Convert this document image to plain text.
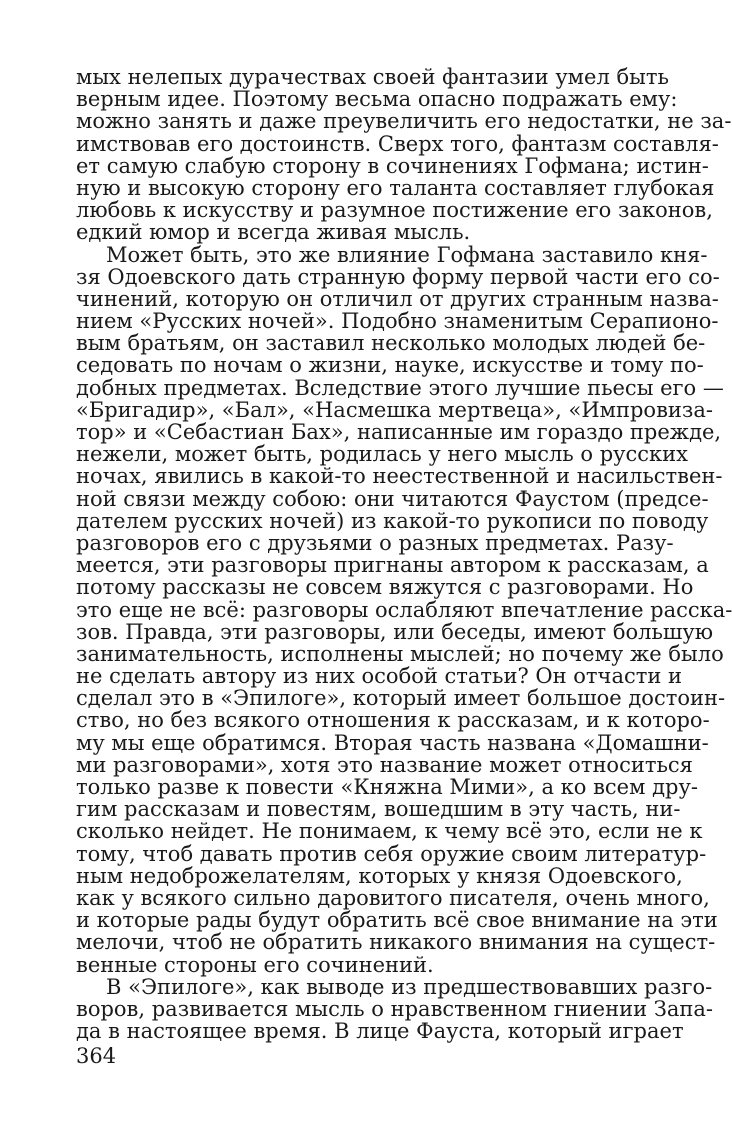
мых нелепых дурачествах своей фантазии умел быть
верным идее. Поэтому весьма опасно подражать ему:
можно занять и даже преувеличить его недостатки, не за-
имствовав его достоинств. Сверх того, фантазм составля-
ет самую слабую сторону в сочинениях Гофмана; истин-
ную и высокую сторону его таланта составляет глубокая
любовь к искусству и разумное постижение его законов,
едкий юмор и всегда живая мысль.
Может быть, это же влияние Гофмана заставило кня-
зя Одоевского дать странную форму первой части его со-
чинений, которую он отличил от других странным назва-
нием «Русских ночей». Подобно знаменитым Серапионо-
вым братьям, он заставил несколько молодых людей бе-
седовать по ночам о жизни, науке, искусстве и тому по-
добных предметах. Вследствие этого лучшие пьесы его —
«Бригадир», «Бал», «Насмешка мертвеца», «Импровиза-
тор» и «Себастиан Бах», написанные им гораздо прежде,
нежели, может быть, родилась у него мысль о русских
ночах, явились в какой-то неестественной и насильствен-
ной связи между собою: они читаются Фаустом (предсе-
дателем русских ночей) из какой-то рукописи по поводу
разговоров его с друзьями о разных предметах. Разу-
меется, эти разговоры пригнаны автором к рассказам, а
потому рассказы не совсем вяжутся с разговорами. Но
это еще не всё: разговоры ослабляют впечатление расска-
зов. Правда, эти разговоры, или беседы, имеют большую
занимательность, исполнены мыслей; но почему же было
не сделать автору из них особой статьи? Он отчасти и
сделал это в «Эпилоге», который имеет большое достоин-
ство, но без всякого отношения к рассказам, и к которо-
му мы еще обратимся. Вторая часть названа «Домашни-
ми разговорами», хотя это название может относиться
только разве к повести «Княжна Мими», а ко всем дру-
гим рассказам и повестям, вошедшим в эту часть, ни-
сколько нейдет. Не понимаем, к чему всё это, если не к
тому, чтоб давать против себя оружие своим литератур-
ным недоброжелателям, которых у князя Одоевского,
как у всякого сильно даровитого писателя, очень много,
и которые рады будут обратить всё свое внимание на эти
мелочи, чтоб не обратить никакого внимания на сущест-
венные стороны его сочинений.
В «Эпилоге», как выводе из предшествовавших разго-
воров, развивается мысль о нравственном гниении Запа-
да в настоящее время. В лице Фауста, который играет
364
